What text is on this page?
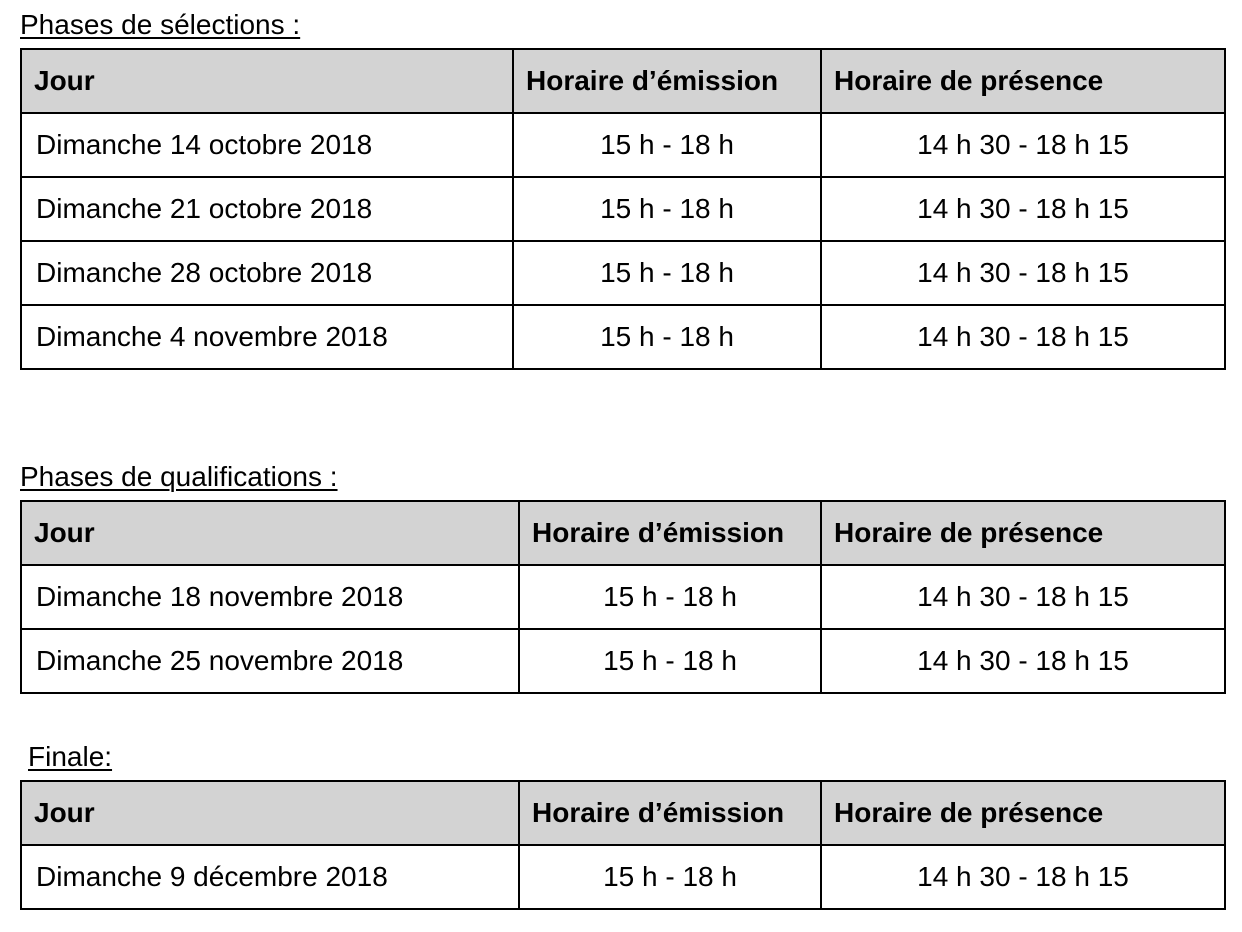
Phases de sélections :
Jour	Horaire d’émission	Horaire de présence
Dimanche 14 octobre 2018	15 h - 18 h	14 h 30 - 18 h 15
Dimanche 21 octobre 2018	15 h - 18 h	14 h 30 - 18 h 15
Dimanche 28 octobre 2018	15 h - 18 h	14 h 30 - 18 h 15
Dimanche 4 novembre 2018	15 h - 18 h	14 h 30 - 18 h 15
Phases de qualifications :
Jour	Horaire d’émission	Horaire de présence
Dimanche 18 novembre 2018	15 h - 18 h	14 h 30 - 18 h 15
Dimanche 25 novembre 2018	15 h - 18 h	14 h 30 - 18 h 15
Finale:
Jour	Horaire d’émission	Horaire de présence
Dimanche 9 décembre 2018	15 h - 18 h	14 h 30 - 18 h 15
